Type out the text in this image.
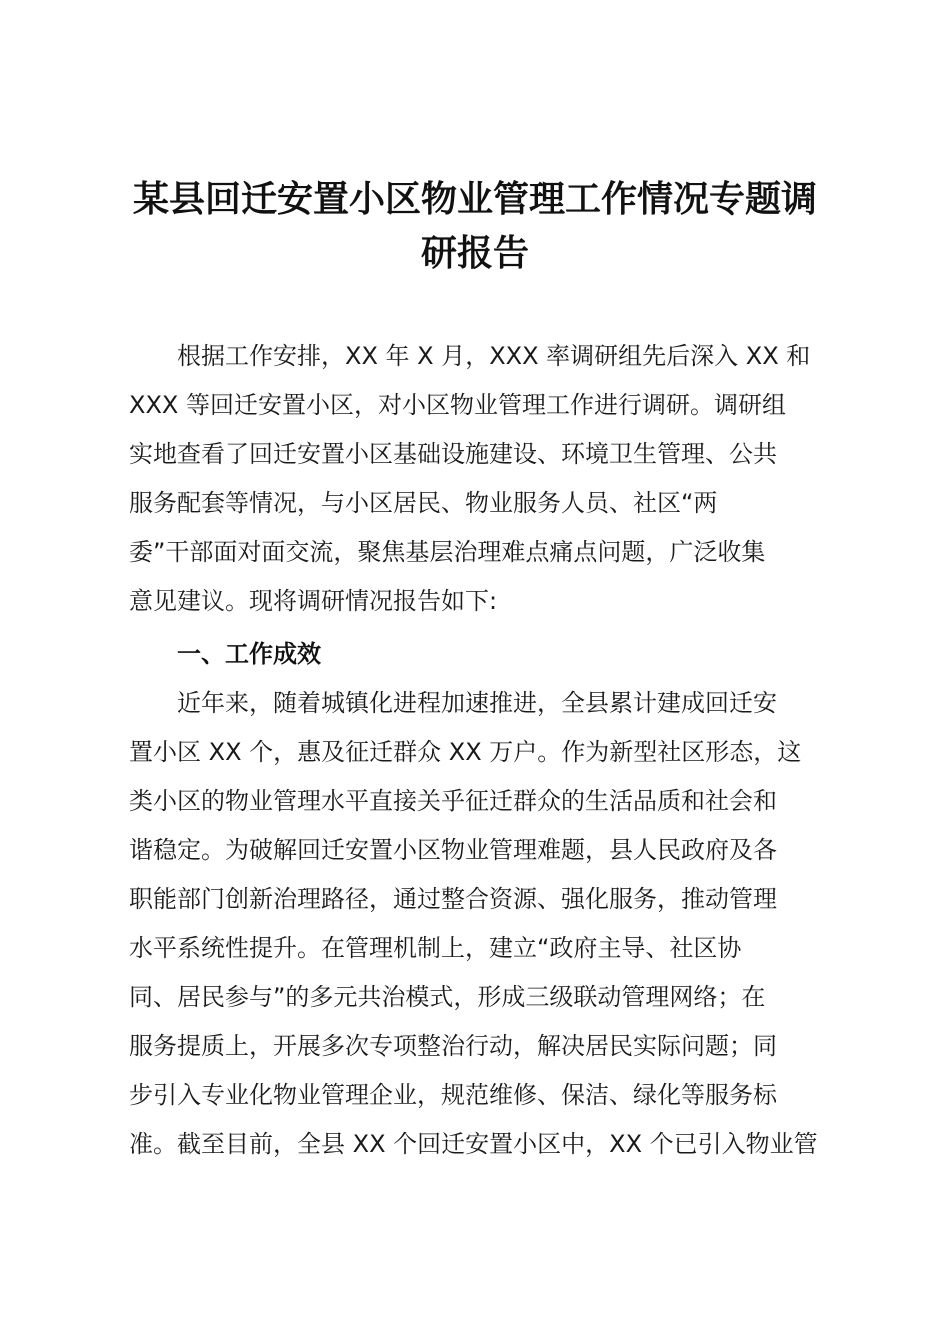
某县回迁安置小区物业管理工作情况专题调
研报告
根据工作安排，XX 年 X 月，XXX 率调研组先后深入 XX 和
XXX 等回迁安置小区，对小区物业管理工作进行调研。调研组
实地查看了回迁安置小区基础设施建设、环境卫生管理、公共
服务配套等情况，与小区居民、物业服务人员、社区“两
委”干部面对面交流，聚焦基层治理难点痛点问题，广泛收集
意见建议。现将调研情况报告如下:
一、工作成效
近年来，随着城镇化进程加速推进，全县累计建成回迁安
置小区 XX 个，惠及征迁群众 XX 万户。作为新型社区形态，这
类小区的物业管理水平直接关乎征迁群众的生活品质和社会和
谐稳定。为破解回迁安置小区物业管理难题，县人民政府及各
职能部门创新治理路径，通过整合资源、强化服务，推动管理
水平系统性提升。在管理机制上，建立“政府主导、社区协
同、居民参与”的多元共治模式，形成三级联动管理网络；在
服务提质上，开展多次专项整治行动，解决居民实际问题；同
步引入专业化物业管理企业，规范维修、保洁、绿化等服务标
准。截至目前，全县 XX 个回迁安置小区中，XX 个已引入物业管
